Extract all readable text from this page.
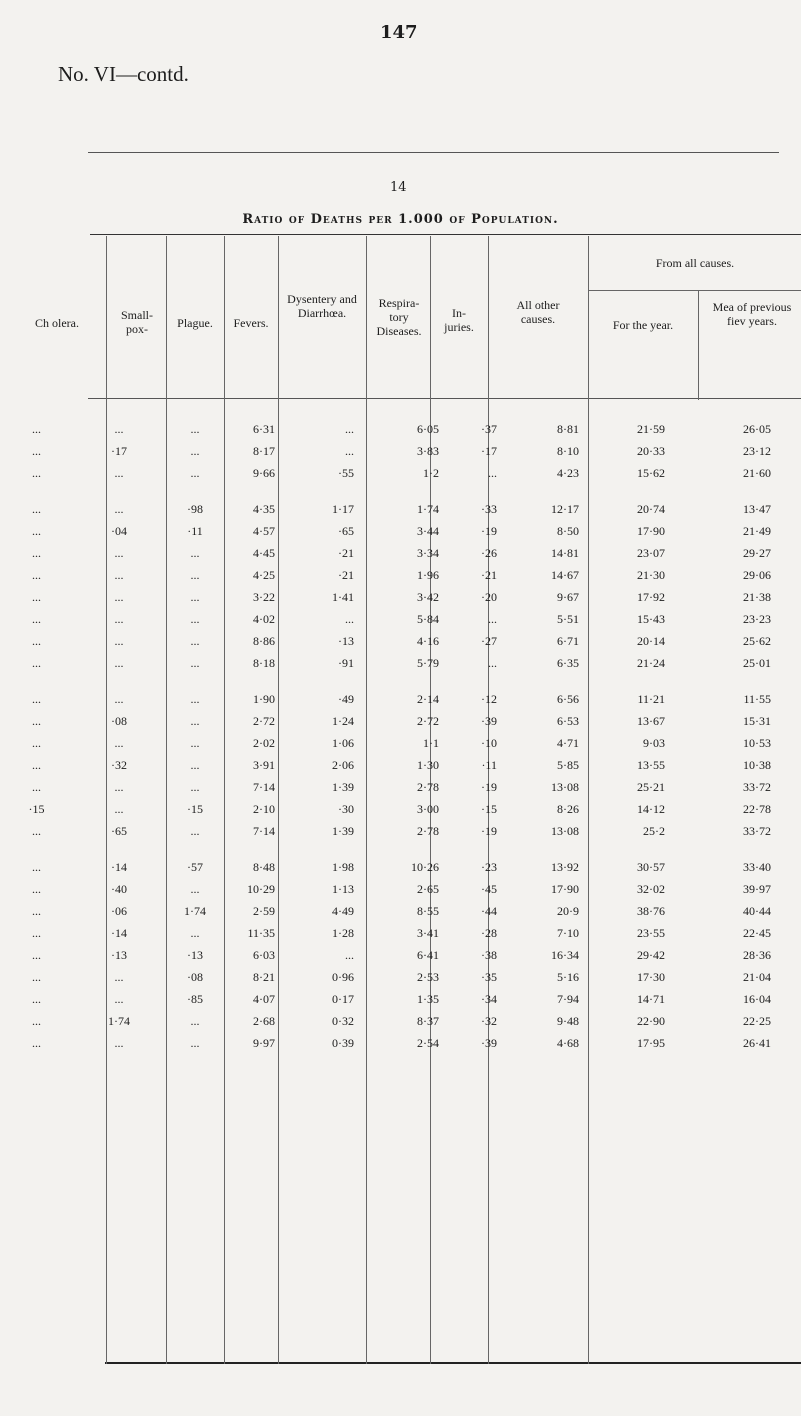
147
No. VI—contd.
14
Ratio of Deaths per 1.000 of Population.
Ch olera.
Small-pox-	Plague.	Fevers.
Dysentery and Diarrhœa.
Respira-tory Diseases.
In-juries.
All other causes.
From all causes.
For the year.
Mea of previous fiev years.
...	...	...	6·31	...	6·05	·37	8·81	21·59	26·05
...	·17	...	8·17	...	3·83	·17	8·10	20·33	23·12
...	...	...	9·66	·55	1·2	...	4·23	15·62	21·60

...	...	·98	4·35	1·17	1·74	·33	12·17	20·74	13·47
...	·04	·11	4·57	·65	3·44	·19	8·50	17·90	21·49
...	...	...	4·45	·21	3·34	·26	14·81	23·07	29·27
...	...	...	4·25	·21	1·96	·21	14·67	21·30	29·06
...	...	...	3·22	1·41	3·42	·20	9·67	17·92	21·38
...	...	...	4·02	...	5·84	...	5·51	15·43	23·23
...	...	...	8·86	·13	4·16	·27	6·71	20·14	25·62
...	...	...	8·18	·91	5·79	...	6·35	21·24	25·01

...	...	...	1·90	·49	2·14	·12	6·56	11·21	11·55
...	·08	...	2·72	1·24	2·72	·39	6·53	13·67	15·31
...	...	...	2·02	1·06	1·1	·10	4·71	9·03	10·53
...	·32	...	3·91	2·06	1·30	·11	5·85	13·55	10·38
...	...	...	7·14	1·39	2·78	·19	13·08	25·21	33·72
·15	...	·15	2·10	·30	3·00	·15	8·26	14·12	22·78
...	·65	...	7·14	1·39	2·78	·19	13·08	25·2	33·72

...	·14	·57	8·48	1·98	10·26	·23	13·92	30·57	33·40
...	·40	...	10·29	1·13	2·65	·45	17·90	32·02	39·97
...	·06	1·74	2·59	4·49	8·55	·44	20·9	38·76	40·44
...	·14	...	11·35	1·28	3·41	·28	7·10	23·55	22·45
...	·13	·13	6·03	...	6·41	·38	16·34	29·42	28·36
...	...	·08	8·21	0·96	2·53	·35	5·16	17·30	21·04
...	...	·85	4·07	0·17	1·35	·34	7·94	14·71	16·04
...	1·74	...	2·68	0·32	8·37	·32	9·48	22·90	22·25
...	...	...	9·97	0·39	2·54	·39	4·68	17·95	26·41
